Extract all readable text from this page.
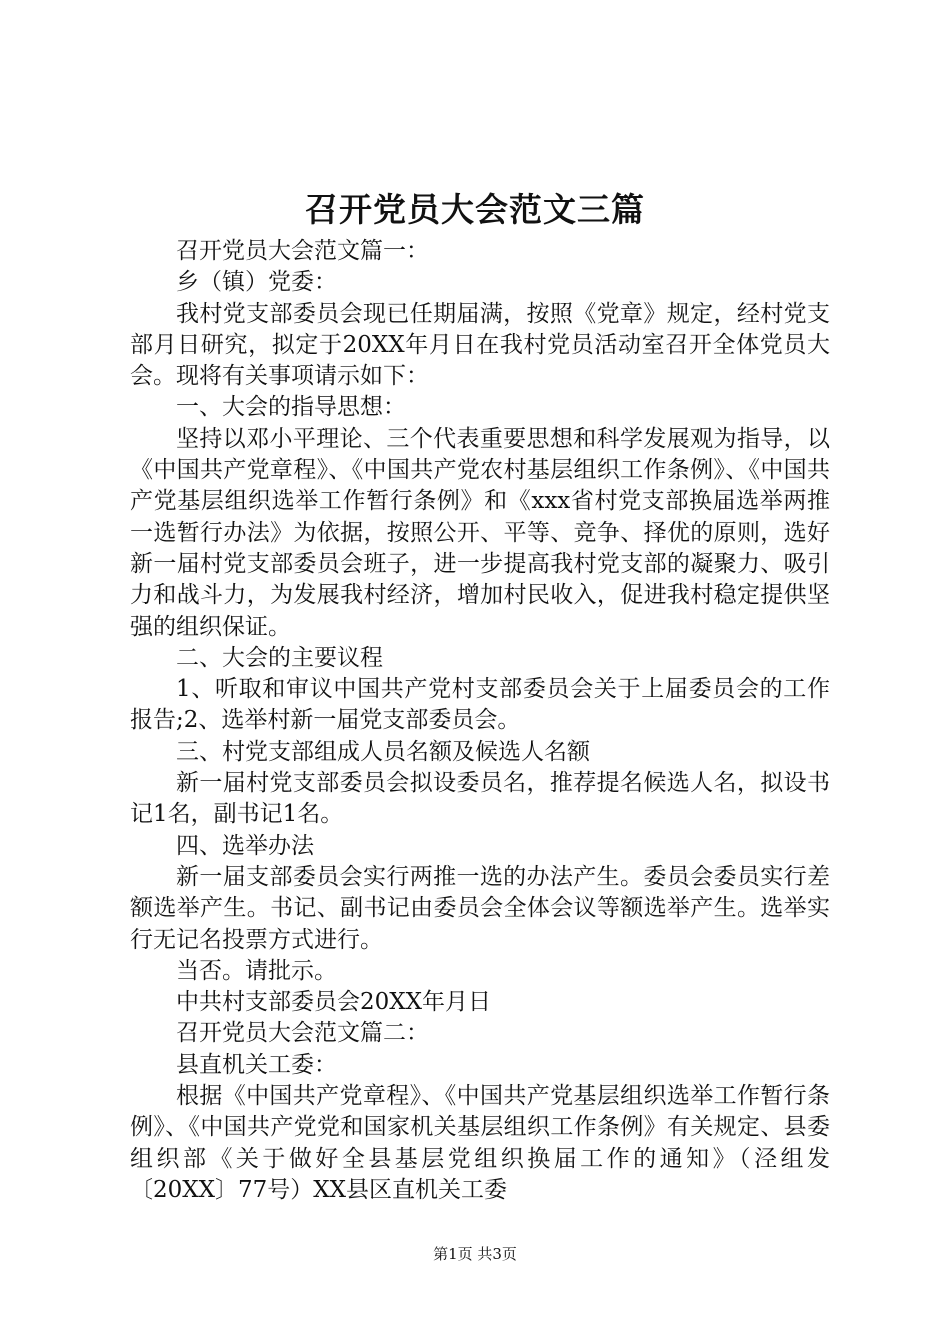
召开党员大会范文三篇

召开党员大会范文篇一：

乡（镇）党委：

我村党支部委员会现已任期届满，按照《党章》规定，经村党支部月日研究，拟定于20XX年月日在我村党员活动室召开全体党员大会。现将有关事项请示如下：

一、大会的指导思想：

坚持以邓小平理论、三个代表重要思想和科学发展观为指导，以《中国共产党章程》、《中国共产党农村基层组织工作条例》、《中国共产党基层组织选举工作暂行条例》和《xxx省村党支部换届选举两推一选暂行办法》为依据，按照公开、平等、竞争、择优的原则，选好新一届村党支部委员会班子，进一步提高我村党支部的凝聚力、吸引力和战斗力，为发展我村经济，增加村民收入，促进我村稳定提供坚强的组织保证。

二、大会的主要议程

1、听取和审议中国共产党村支部委员会关于上届委员会的工作报告;2、选举村新一届党支部委员会。

三、村党支部组成人员名额及候选人名额

新一届村党支部委员会拟设委员名，推荐提名候选人名，拟设书记1名，副书记1名。

四、选举办法

新一届支部委员会实行两推一选的办法产生。委员会委员实行差额选举产生。书记、副书记由委员会全体会议等额选举产生。选举实行无记名投票方式进行。

当否。请批示。

中共村支部委员会20XX年月日

召开党员大会范文篇二：

县直机关工委：

根据《中国共产党章程》、《中国共产党基层组织选举工作暂行条例》、《中国共产党党和国家机关基层组织工作条例》有关规定、县委组织部《关于做好全县基层党组织换届工作的通知》（泾组发〔20XX〕77号）XX县区直机关工委

第1页 共3页
